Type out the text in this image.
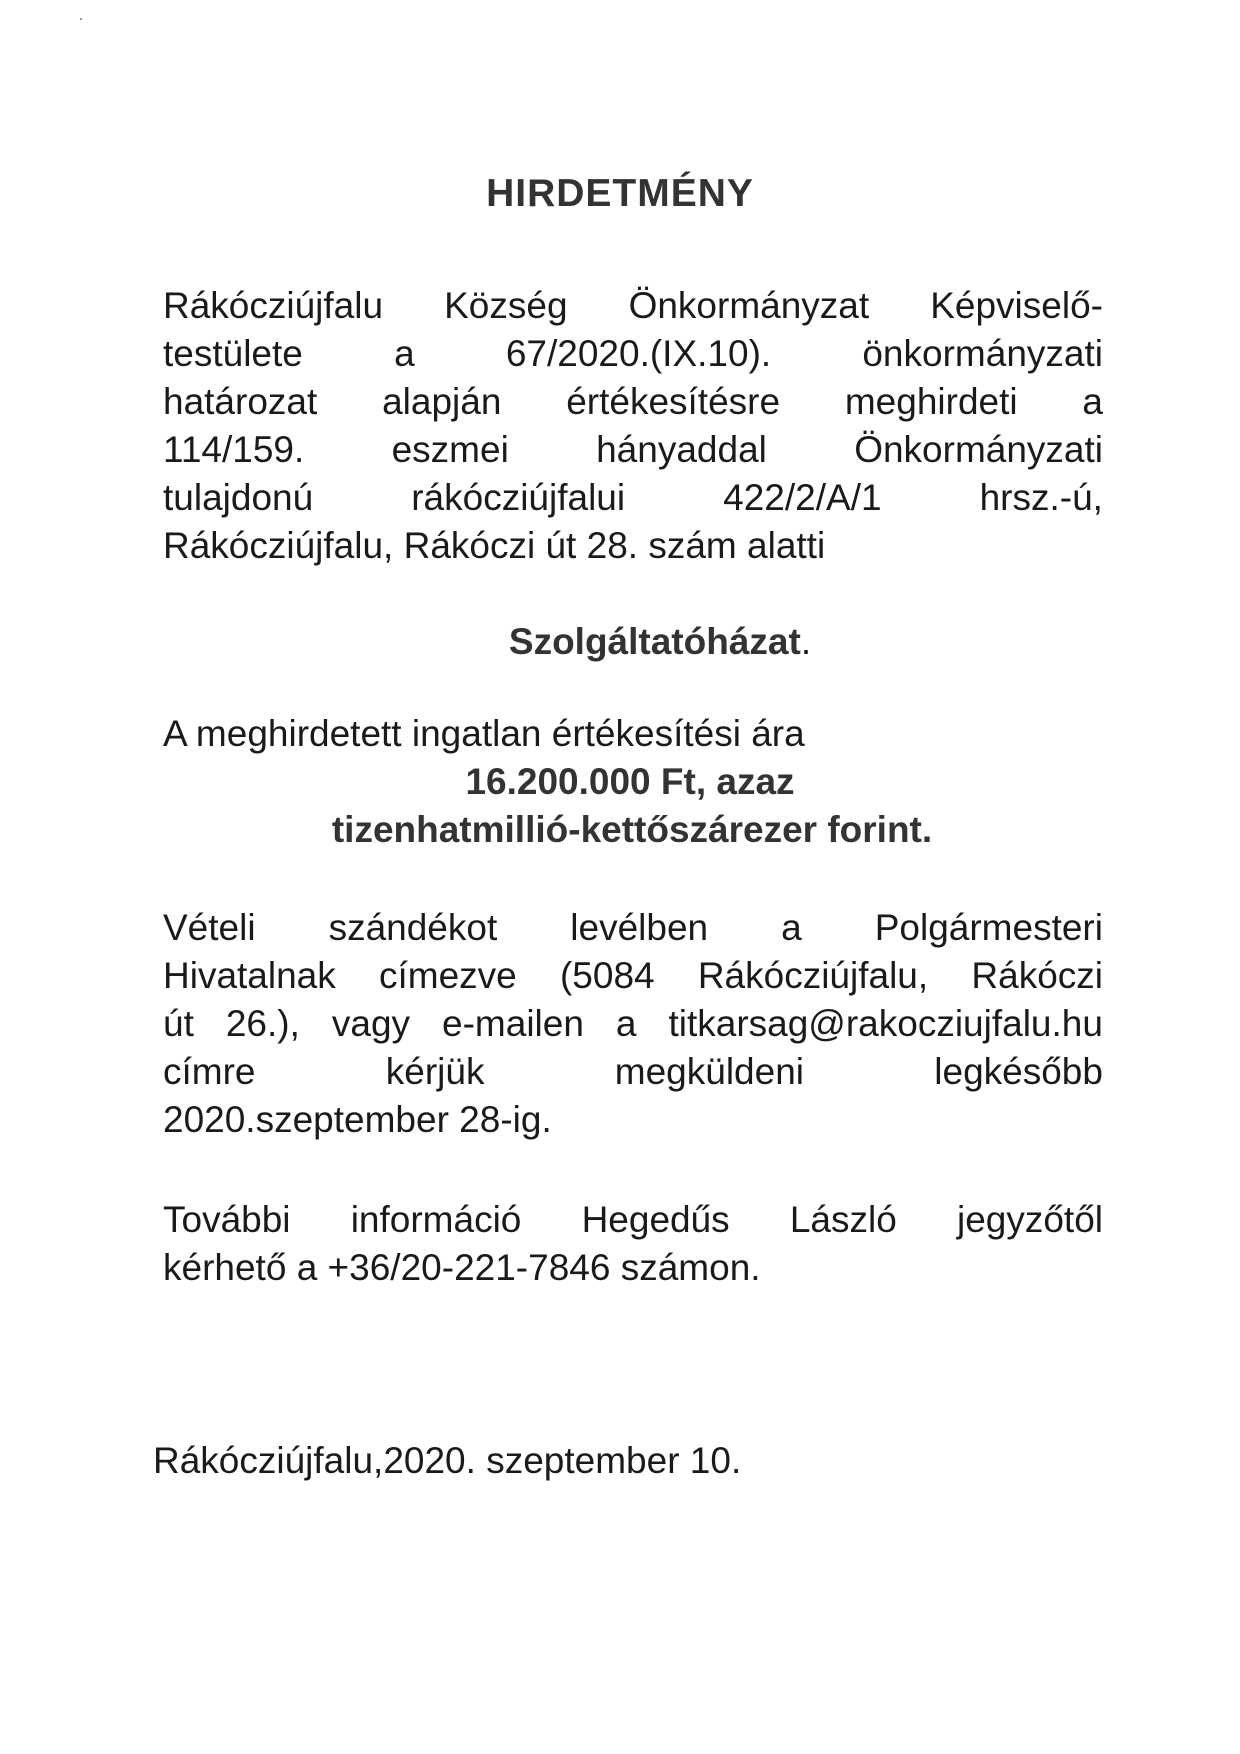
HIRDETMÉNY
Rákócziújfalu Község Önkormányzat Képviselő-
testülete a 67/2020.(IX.10). önkormányzati
határozat alapján értékesítésre meghirdeti a
114/159. eszmei hányaddal Önkormányzati
tulajdonú	rákócziújfalui	422/2/A/1	hrsz.-ú,
Rákócziújfalu, Rákóczi út 28. szám alatti

Szolgáltatóházat.

A meghirdetett ingatlan értékesítési ára

16.200.000 Ft, azaz

tizenhatmillió-kettőszárezer forint.

Vételi szándékot levélben a Polgármesteri
Hivatalnak címezve (5084 Rákócziújfalu, Rákóczi
út 26.), vagy e-mailen a titkarsag@rakocziujfalu.hu
címre	kérjük	megküldeni	legkésőbb
2020.szeptember 28-ig.
További információ Hegedűs László jegyzőtől
kérhető a +36/20-221-7846 számon.

Rákócziújfalu,2020. szeptember 10.
